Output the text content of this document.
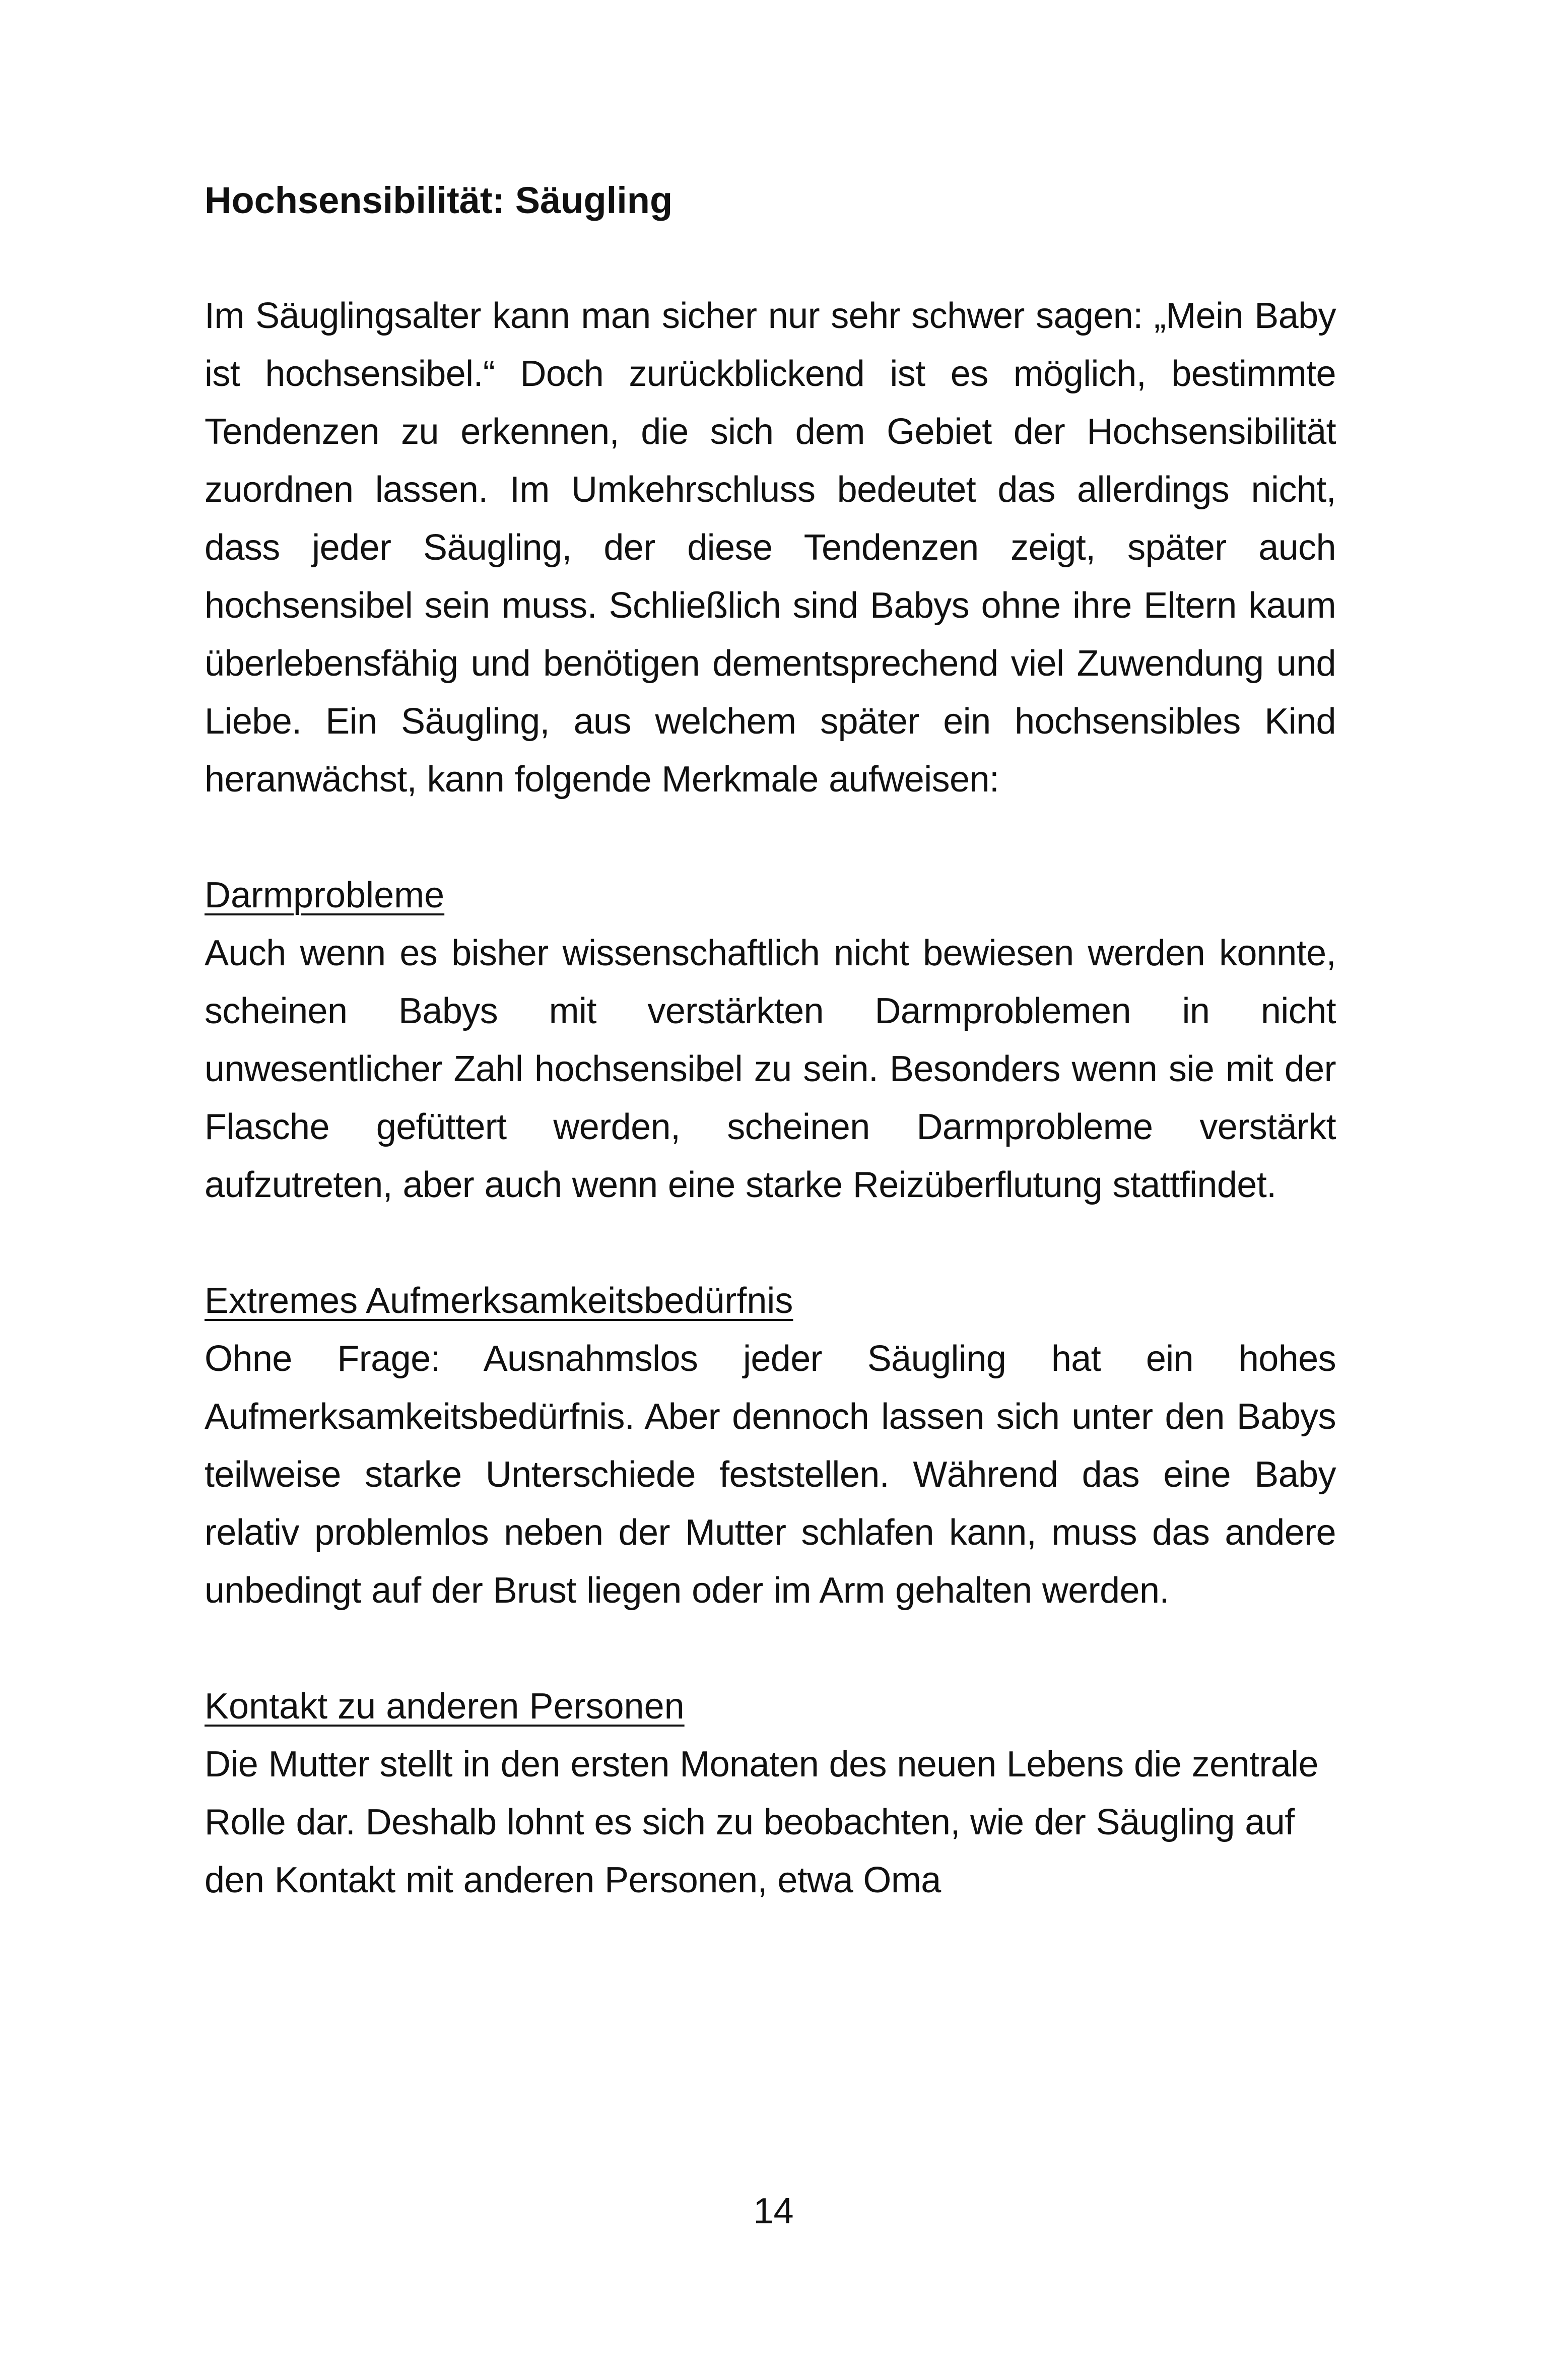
Hochsensibilität: Säugling

Im Säuglingsalter kann man sicher nur sehr schwer sagen: „Mein Baby ist hochsensibel.“ Doch zurückblickend ist es möglich, bestimmte Tendenzen zu erkennen, die sich dem Gebiet der Hochsensibilität zuordnen lassen. Im Umkehrschluss bedeutet das allerdings nicht, dass jeder Säugling, der diese Tendenzen zeigt, später auch hochsensibel sein muss. Schließlich sind Babys ohne ihre Eltern kaum überlebensfähig und benötigen dementsprechend viel Zuwendung und Liebe. Ein Säugling, aus welchem später ein hochsensibles Kind heranwächst, kann folgende Merkmale aufweisen:

Darmprobleme

Auch wenn es bisher wissenschaftlich nicht bewiesen werden konnte, scheinen Babys mit verstärkten Darmproblemen in nicht unwesentlicher Zahl hochsensibel zu sein. Besonders wenn sie mit der Flasche gefüttert werden, scheinen Darmprobleme verstärkt aufzutreten, aber auch wenn eine starke Reizüberflutung stattfindet.

Extremes Aufmerksamkeitsbedürfnis

Ohne Frage: Ausnahmslos jeder Säugling hat ein hohes Aufmerksamkeitsbedürfnis. Aber dennoch lassen sich unter den Babys teilweise starke Unterschiede feststellen. Während das eine Baby relativ problemlos neben der Mutter schlafen kann, muss das andere unbedingt auf der Brust liegen oder im Arm gehalten werden.

Kontakt zu anderen Personen

Die Mutter stellt in den ersten Monaten des neuen Lebens die zentrale Rolle dar. Deshalb lohnt es sich zu beobachten, wie der Säugling auf den Kontakt mit anderen Personen, etwa Oma

14
